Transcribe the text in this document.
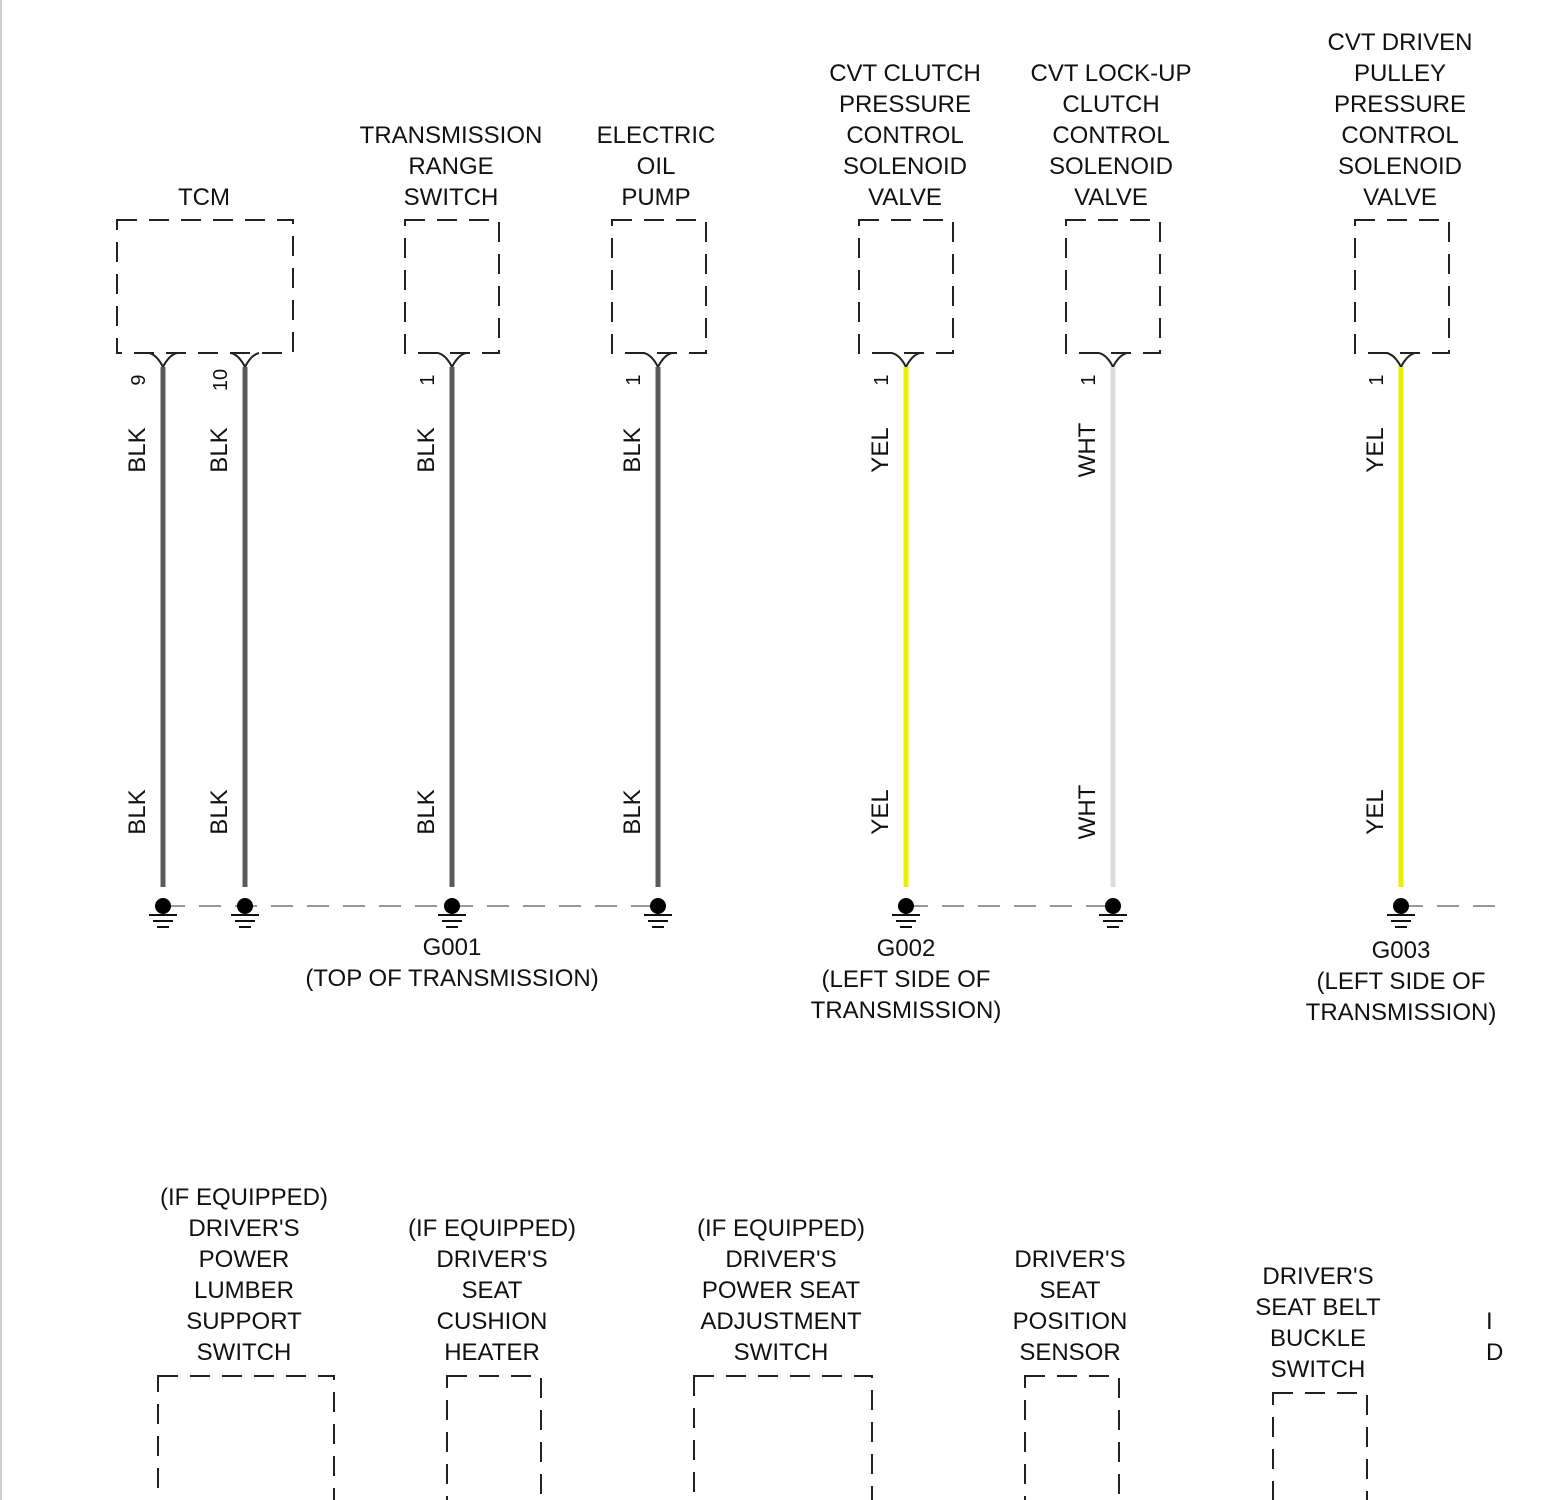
9
BLK
BLK
10
BLK
BLK
1
BLK
BLK
1
BLK
BLK
1
YEL
YEL
1
WHT
WHT
1
YEL
YEL
TCM
TRANSMISSION
RANGE
SWITCH
ELECTRIC
OIL
PUMP
CVT CLUTCH
PRESSURE
CONTROL
SOLENOID
VALVE
CVT LOCK-UP
CLUTCH
CONTROL
SOLENOID
VALVE
CVT DRIVEN
PULLEY
PRESSURE
CONTROL
SOLENOID
VALVE
G001
(TOP OF TRANSMISSION)
G002
(LEFT SIDE OF
TRANSMISSION)
G003
(LEFT SIDE OF
TRANSMISSION)
(IF EQUIPPED)
DRIVER'S
POWER
LUMBER
SUPPORT
SWITCH
(IF EQUIPPED)
DRIVER'S
SEAT
CUSHION
HEATER
(IF EQUIPPED)
DRIVER'S
POWER SEAT
ADJUSTMENT
SWITCH
DRIVER'S
SEAT
POSITION
SENSOR
DRIVER'S
SEAT BELT
BUCKLE
SWITCH
I
D
